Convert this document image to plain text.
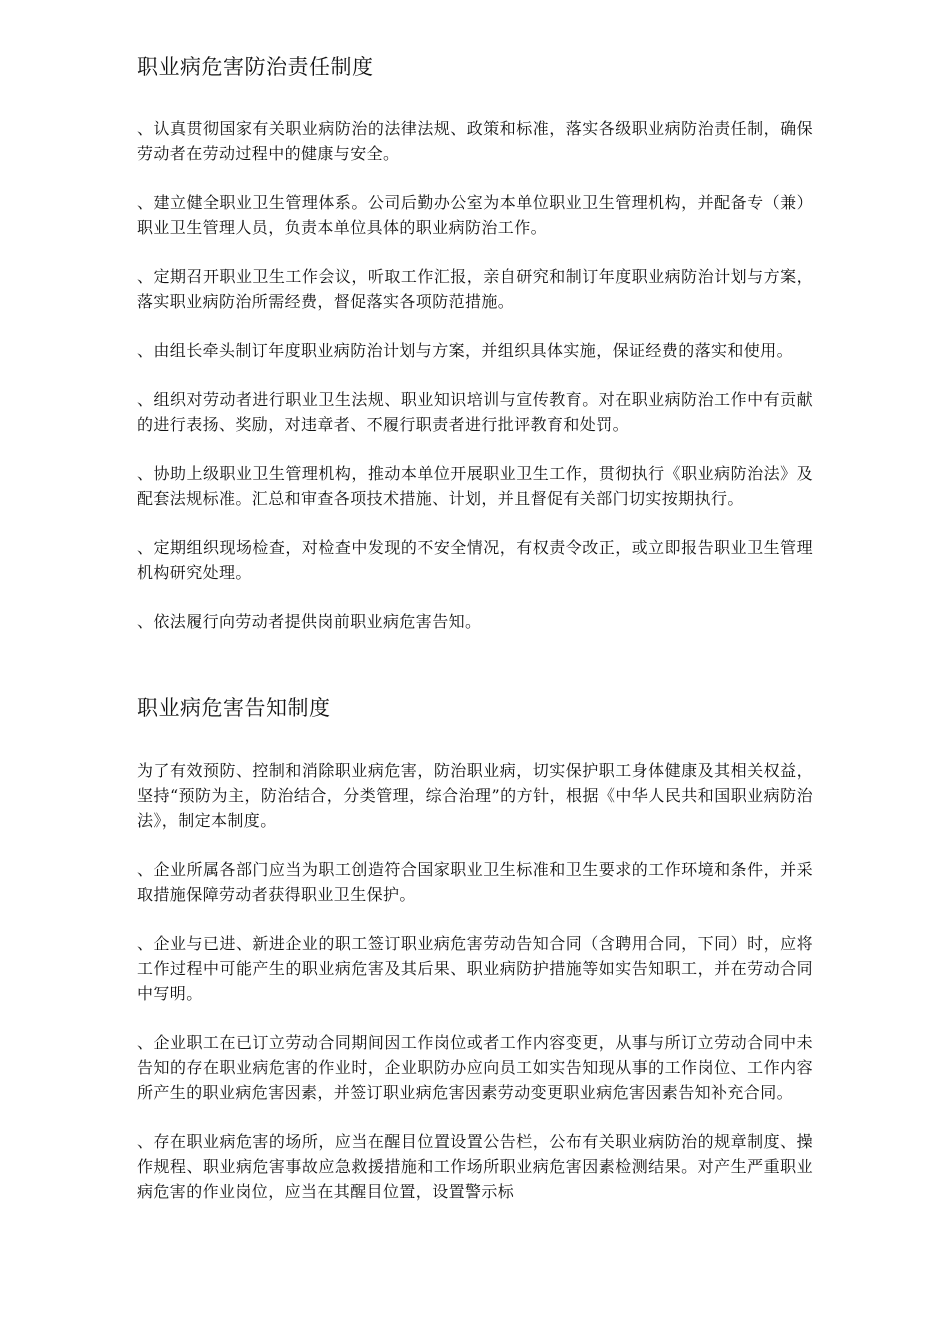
职业病危害防治责任制度

、认真贯彻国家有关职业病防治的法律法规、政策和标准，落实各级职业病防治责任制，确保劳动者在劳动过程中的健康与安全。

、建立健全职业卫生管理体系。公司后勤办公室为本单位职业卫生管理机构，并配备专（兼）职业卫生管理人员，负责本单位具体的职业病防治工作。

、定期召开职业卫生工作会议，听取工作汇报，亲自研究和制订年度职业病防治计划与方案，落实职业病防治所需经费，督促落实各项防范措施。

、由组长牵头制订年度职业病防治计划与方案，并组织具体实施，保证经费的落实和使用。

、组织对劳动者进行职业卫生法规、职业知识培训与宣传教育。对在职业病防治工作中有贡献的进行表扬、奖励，对违章者、不履行职责者进行批评教育和处罚。

、协助上级职业卫生管理机构，推动本单位开展职业卫生工作，贯彻执行《职业病防治法》及配套法规标准。汇总和审查各项技术措施、计划，并且督促有关部门切实按期执行。

、定期组织现场检查，对检查中发现的不安全情况，有权责令改正，或立即报告职业卫生管理机构研究处理。

、依法履行向劳动者提供岗前职业病危害告知。

职业病危害告知制度

为了有效预防、控制和消除职业病危害，防治职业病，切实保护职工身体健康及其相关权益，坚持“预防为主，防治结合，分类管理，综合治理”的方针，根据《中华人民共和国职业病防治法》，制定本制度。

、企业所属各部门应当为职工创造符合国家职业卫生标准和卫生要求的工作环境和条件，并采取措施保障劳动者获得职业卫生保护。

、企业与已进、新进企业的职工签订职业病危害劳动告知合同（含聘用合同，下同）时，应将工作过程中可能产生的职业病危害及其后果、职业病防护措施等如实告知职工，并在劳动合同中写明。

、企业职工在已订立劳动合同期间因工作岗位或者工作内容变更，从事与所订立劳动合同中未告知的存在职业病危害的作业时，企业职防办应向员工如实告知现从事的工作岗位、工作内容所产生的职业病危害因素，并签订职业病危害因素劳动变更职业病危害因素告知补充合同。

、存在职业病危害的场所，应当在醒目位置设置公告栏，公布有关职业病防治的规章制度、操作规程、职业病危害事故应急救援措施和工作场所职业病危害因素检测结果。对产生严重职业病危害的作业岗位，应当在其醒目位置，设置警示标
